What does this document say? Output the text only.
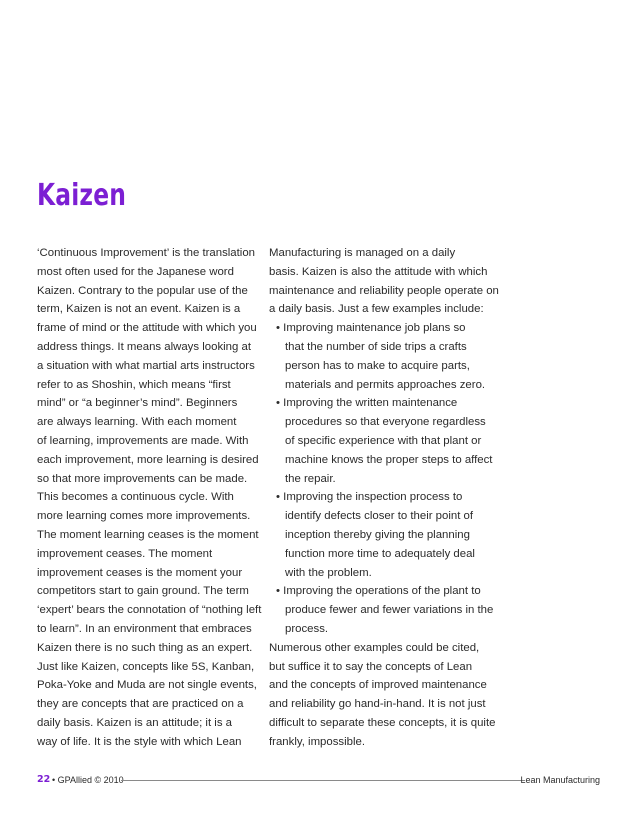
Kaizen
‘Continuous Improvement’ is the translation
most often used for the Japanese word
Kaizen. Contrary to the popular use of the
term, Kaizen is not an event. Kaizen is a
frame of mind or the attitude with which you
address things. It means always looking at
a situation with what martial arts instructors
refer to as Shoshin, which means “first
mind” or “a beginner’s mind”. Beginners
are always learning. With each moment
of learning, improvements are made. With
each improvement, more learning is desired
so that more improvements can be made.
This becomes a continuous cycle. With
more learning comes more improvements.
The moment learning ceases is the moment
improvement ceases. The moment
improvement ceases is the moment your
competitors start to gain ground. The term
‘expert’ bears the connotation of “nothing left
to learn”. In an environment that embraces
Kaizen there is no such thing as an expert.
Just like Kaizen, concepts like 5S, Kanban,
Poka-Yoke and Muda are not single events,
they are concepts that are practiced on a
daily basis. Kaizen is an attitude; it is a
way of life. It is the style with which Lean
Manufacturing is managed on a daily
basis. Kaizen is also the attitude with which
maintenance and reliability people operate on
a daily basis. Just a few examples include:
• Improving maintenance job plans so
that the number of side trips a crafts
person has to make to acquire parts,
materials and permits approaches zero.
• Improving the written maintenance
procedures so that everyone regardless
of specific experience with that plant or
machine knows the proper steps to affect
the repair.
• Improving the inspection process to
identify defects closer to their point of
inception thereby giving the planning
function more time to adequately deal
with the problem.
• Improving the operations of the plant to
produce fewer and fewer variations in the
process.
Numerous other examples could be cited,
but suffice it to say the concepts of Lean
and the concepts of improved maintenance
and reliability go hand-in-hand. It is not just
difficult to separate these concepts, it is quite
frankly, impossible.
22 • GPAllied © 2010	Lean Manufacturing
